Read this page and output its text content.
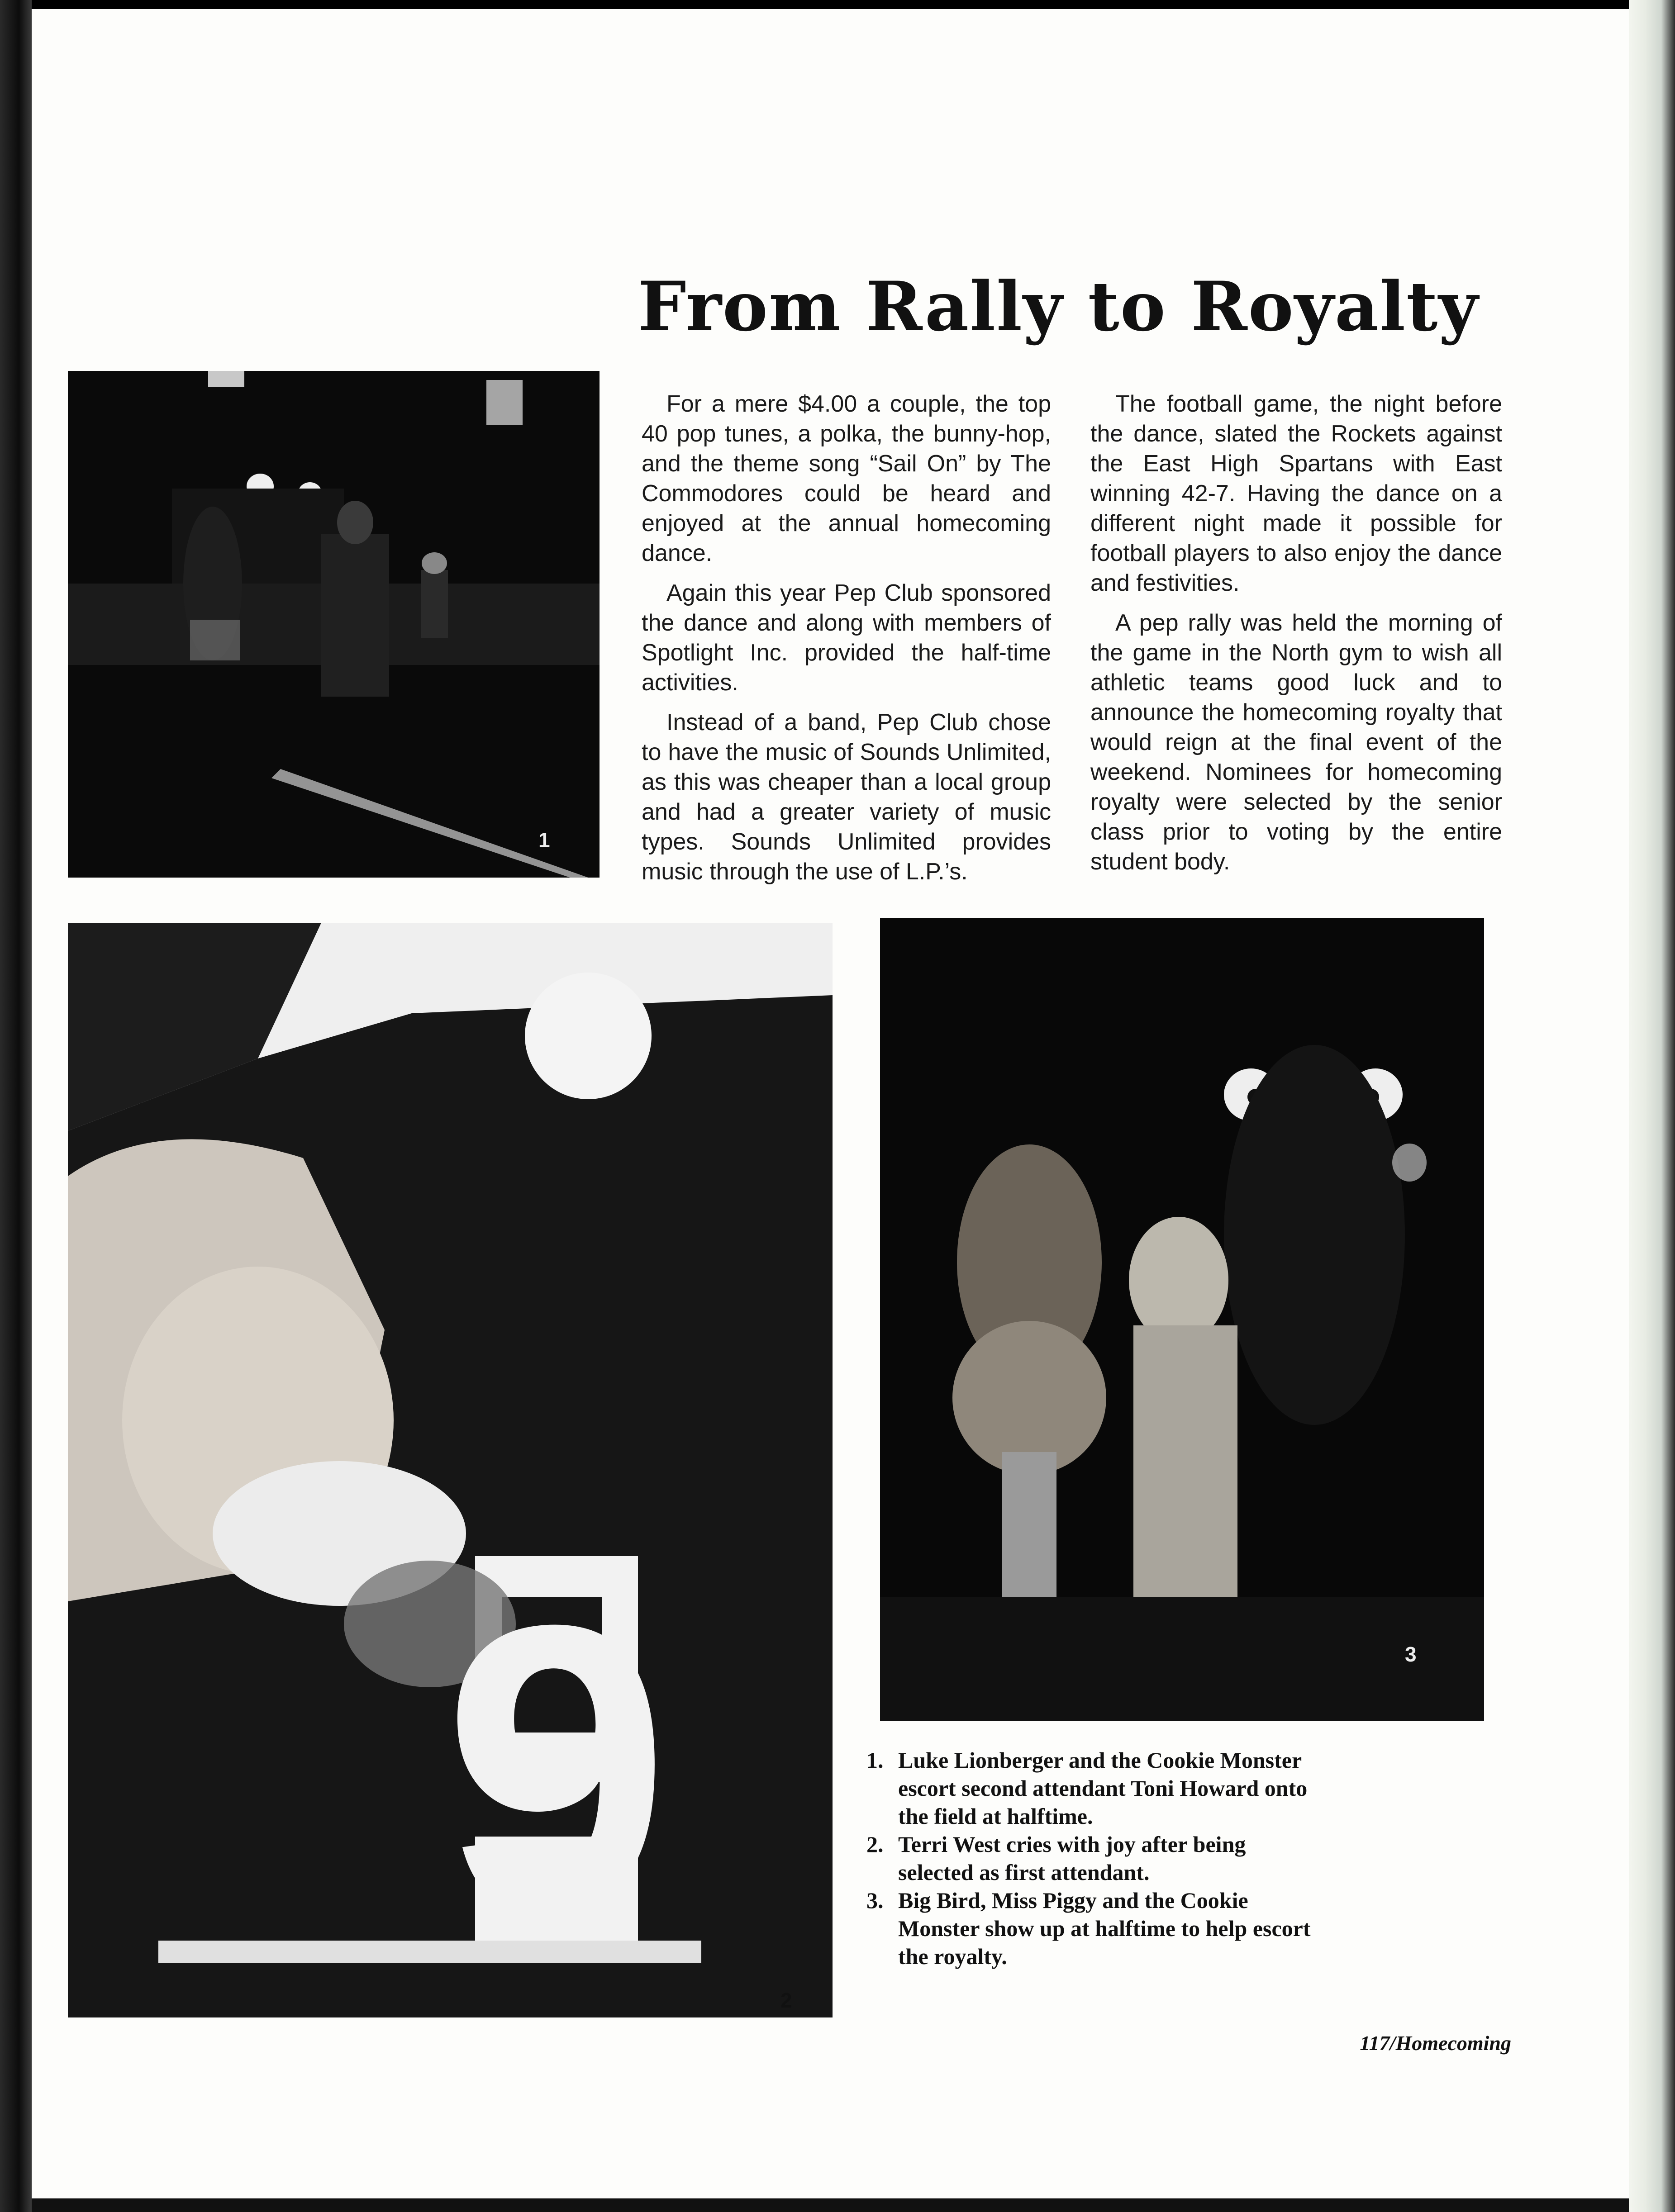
From Rally to Royalty
1

For a mere $4.00 a couple, the top 40 pop tunes, a polka, the bunny-hop, and the theme song “Sail On” by The Commodores could be heard and enjoyed at the annual homecoming dance.

Again this year Pep Club sponsored the dance and along with members of Spotlight Inc. provided the half-time activities.

Instead of a band, Pep Club chose to have the music of Sounds Unlimited, as this was cheaper than a local group and had a greater variety of music types. Sounds Unlimited provides music through the use of L.P.’s.

The football game, the night before the dance, slated the Rockets against the East High Spartans with East winning 42-7. Having the dance on a different night made it possible for football players to also enjoy the dance and festivities.

A pep rally was held the morning of the game in the North gym to wish all athletic teams good luck and to announce the homecoming royalty that would reign at the final event of the weekend. Nominees for homecoming royalty were selected by the senior class prior to voting by the entire student body.

9
2
3
1. Luke Lionberger and the Cookie Monster escort second attendant Toni Howard onto the field at halftime.
2. Terri West cries with joy after being selected as first attendant.
3. Big Bird, Miss Piggy and the Cookie Monster show up at halftime to help escort the royalty.
117/Homecoming
